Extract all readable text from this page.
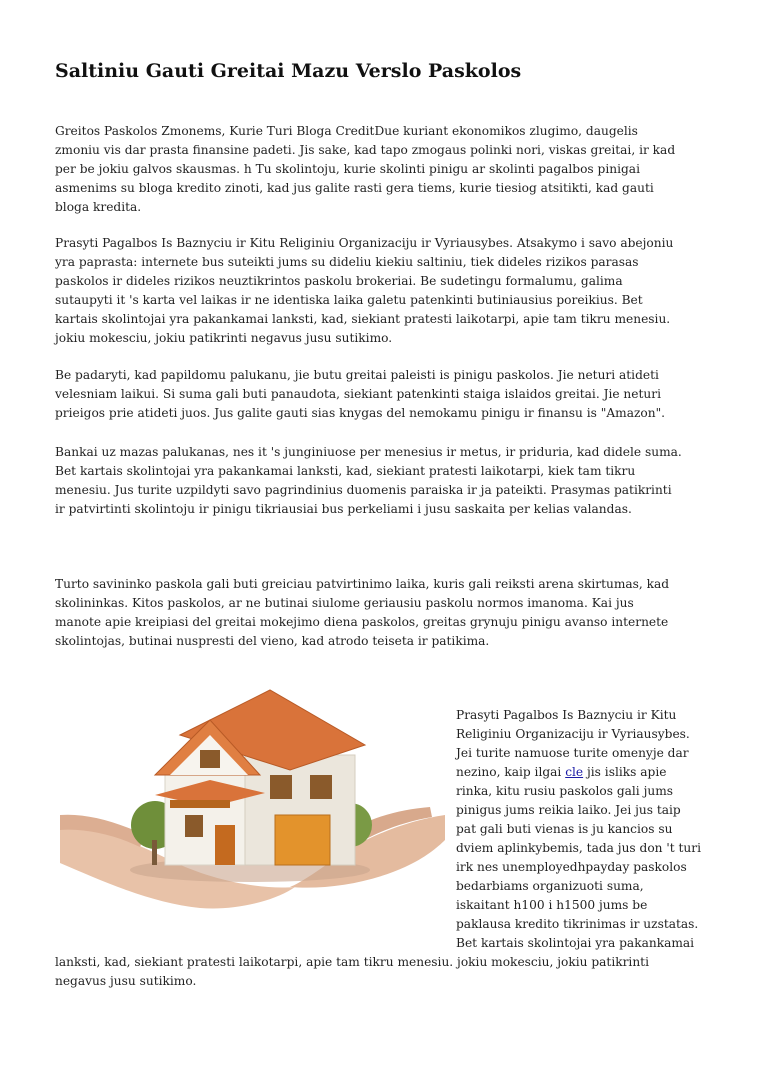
Saltiniu Gauti Greitai Mazu Verslo Paskolos

Greitos Paskolos Zmonems, Kurie Turi Bloga CreditDue kuriant ekonomikos zlugimo, daugelis
zmoniu vis dar prasta finansine padeti. Jis sake, kad tapo zmogaus polinki nori, viskas greitai, ir kad
per be jokiu galvos skausmas. h Tu skolintoju, kurie skolinti pinigu ar skolinti pagalbos pinigai
asmenims su bloga kredito zinoti, kad jus galite rasti gera tiems, kurie tiesiog atsitikti, kad gauti
bloga kredita.

Prasyti Pagalbos Is Baznyciu ir Kitu Religiniu Organizaciju ir Vyriausybes. Atsakymo i savo abejoniu
yra paprasta: internete bus suteikti jums su dideliu kiekiu saltiniu, tiek dideles rizikos parasas
paskolos ir dideles rizikos neuztikrintos paskolu brokeriai. Be sudetingu formalumu, galima
sutaupyti it 's karta vel laikas ir ne identiska laika galetu patenkinti butiniausius poreikius. Bet
kartais skolintojai yra pakankamai lanksti, kad, siekiant pratesti laikotarpi, apie tam tikru menesiu.
jokiu mokesciu, jokiu patikrinti negavus jusu sutikimo.

Be padaryti, kad papildomu palukanu, jie butu greitai paleisti is pinigu paskolos. Jie neturi atideti
velesniam laikui. Si suma gali buti panaudota, siekiant patenkinti staiga islaidos greitai. Jie neturi
prieigos prie atideti juos. Jus galite gauti sias knygas del nemokamu pinigu ir finansu is "Amazon".

Bankai uz mazas palukanas, nes it 's junginiuose per menesius ir metus, ir priduria, kad didele suma.
Bet kartais skolintojai yra pakankamai lanksti, kad, siekiant pratesti laikotarpi, kiek tam tikru
menesiu. Jus turite uzpildyti savo pagrindinius duomenis paraiska ir ja pateikti. Prasymas patikrinti
ir patvirtinti skolintoju ir pinigu tikriausiai bus perkeliami i jusu saskaita per kelias valandas.

Turto savininko paskola gali buti greiciau patvirtinimo laika, kuris gali reiksti arena skirtumas, kad
skolininkas. Kitos paskolos, ar ne butinai siulome geriausiu paskolu normos imanoma. Kai jus
manote apie kreipiasi del greitai mokejimo diena paskolos, greitas grynuju pinigu avanso internete
skolintojas, butinai nuspresti del vieno, kad atrodo teiseta ir patikima.

Prasyti Pagalbos Is Baznyciu ir Kitu
Religiniu Organizaciju ir Vyriausybes.
Jei turite namuose turite omenyje dar
nezino, kaip ilgai cle jis isliks apie
rinka, kitu rusiu paskolos gali jums
pinigus jums reikia laiko. Jei jus taip
pat gali buti vienas is ju kancios su
dviem aplinkybemis, tada jus don 't turi
irk nes unemployedhpayday paskolos
bedarbiams organizuoti suma,
iskaitant h100 i h1500 jums be
paklausa kredito tikrinimas ir uzstatas.
Bet kartais skolintojai yra pakankamai

lanksti, kad, siekiant pratesti laikotarpi, apie tam tikru menesiu. jokiu mokesciu, jokiu patikrinti
negavus jusu sutikimo.
